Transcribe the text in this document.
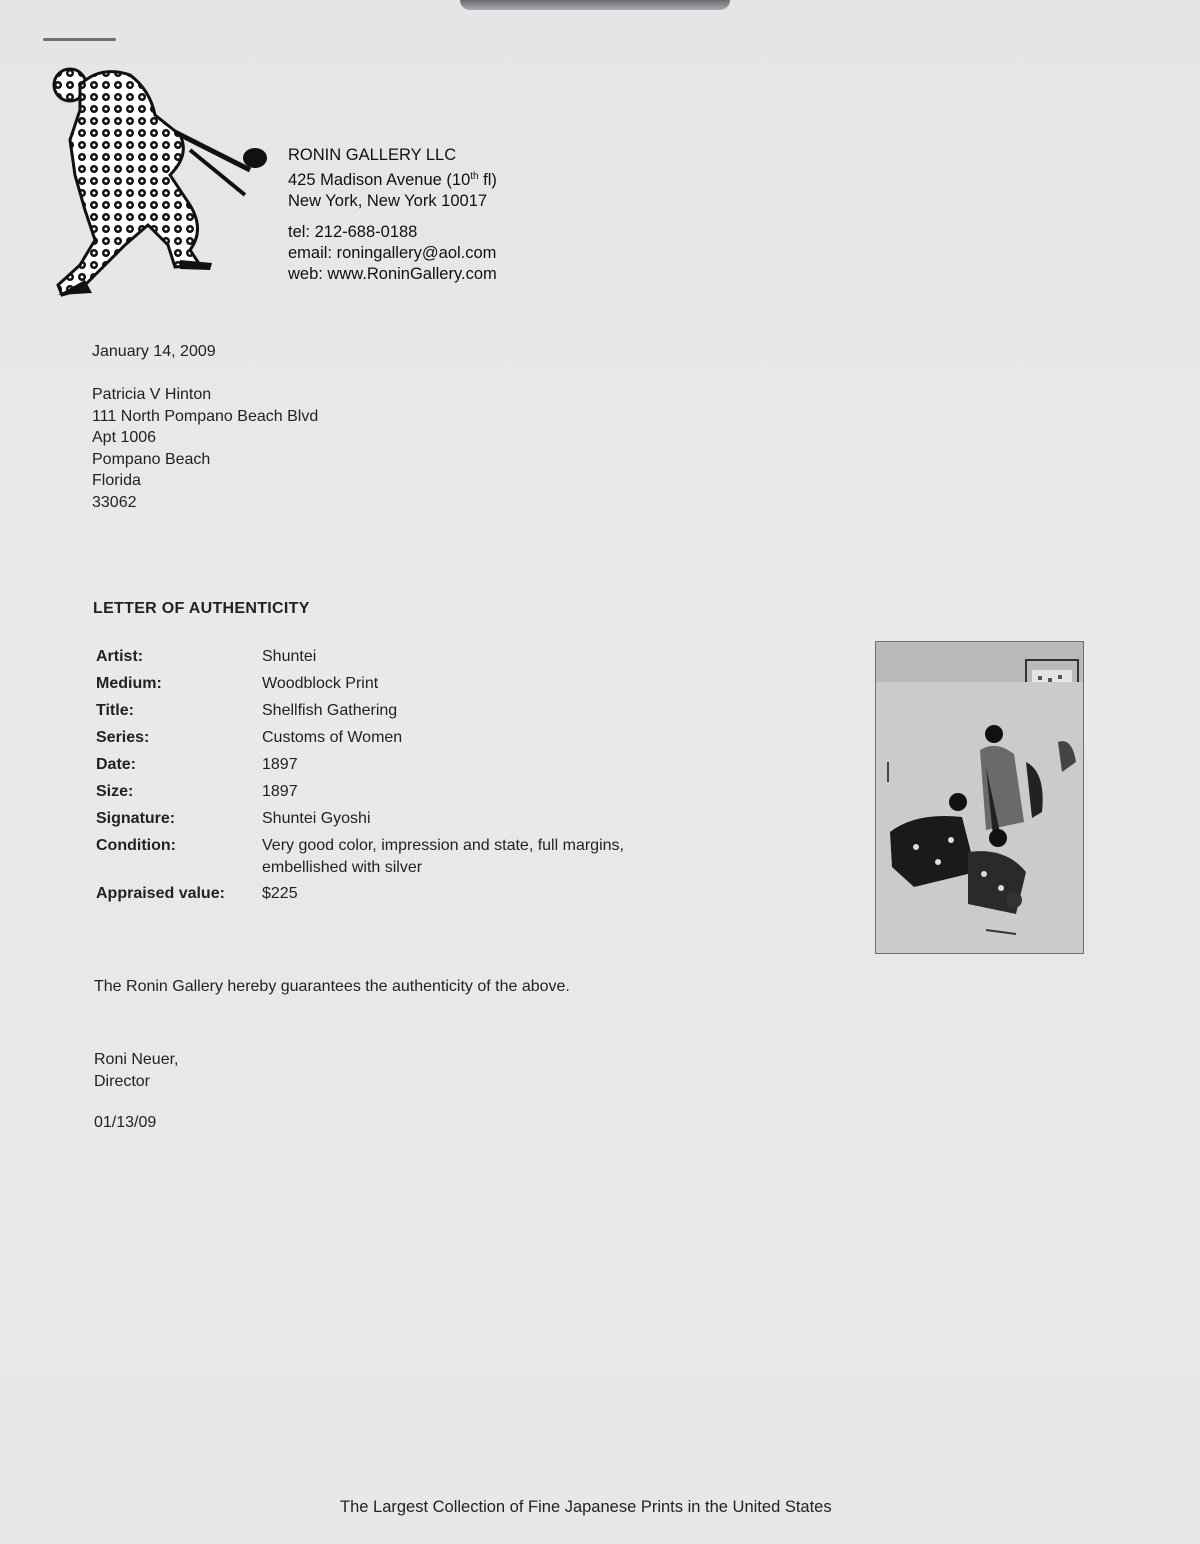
RONIN GALLERY LLC
425 Madison Avenue (10th fl)
New York, New York 10017
tel: 212-688-0188
email: roningallery@aol.com
web: www.RoninGallery.com
January 14, 2009
Patricia V Hinton
111 North Pompano Beach Blvd
Apt 1006
Pompano Beach
Florida
33062
LETTER OF AUTHENTICITY
Artist:	Shuntei
Medium:	Woodblock Print
Title:	Shellfish Gathering
Series:	Customs of Women
Date:	1897
Size:	1897
Signature:	Shuntei Gyoshi
Condition:	Very good color, impression and state, full margins,
embellished with silver

Appraised value:	$225
The Ronin Gallery hereby guarantees the authenticity of the above.
Roni Neuer,
Director
01/13/09
The Largest Collection of Fine Japanese Prints in the United States
